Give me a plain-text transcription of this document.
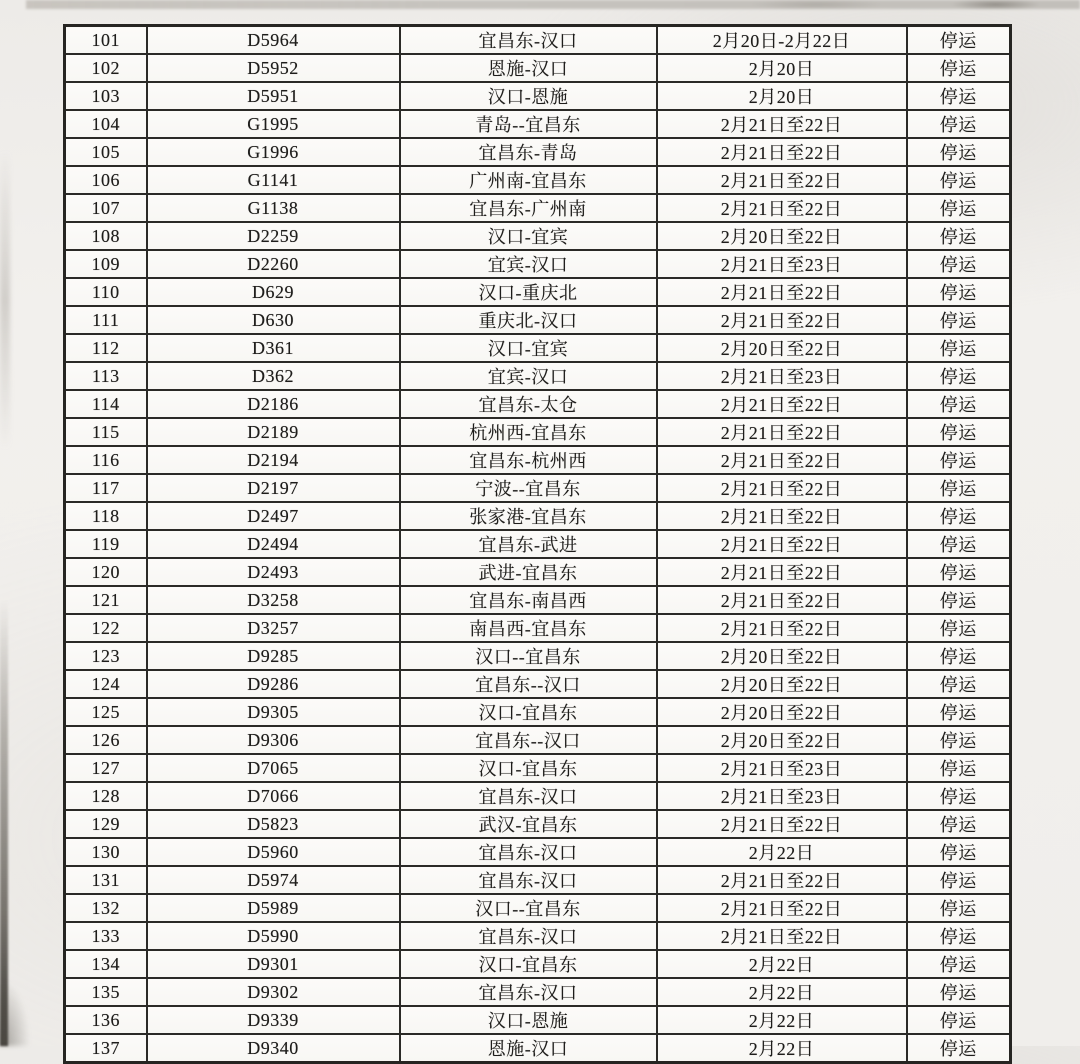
101	D5964	宜昌东-汉口	2月20日-2月22日	停运
102	D5952	恩施-汉口	2月20日	停运
103	D5951	汉口-恩施	2月20日	停运
104	G1995	青岛--宜昌东	2月21日至22日	停运
105	G1996	宜昌东-青岛	2月21日至22日	停运
106	G1141	广州南-宜昌东	2月21日至22日	停运
107	G1138	宜昌东-广州南	2月21日至22日	停运
108	D2259	汉口-宜宾	2月20日至22日	停运
109	D2260	宜宾-汉口	2月21日至23日	停运
110	D629	汉口-重庆北	2月21日至22日	停运
111	D630	重庆北-汉口	2月21日至22日	停运
112	D361	汉口-宜宾	2月20日至22日	停运
113	D362	宜宾-汉口	2月21日至23日	停运
114	D2186	宜昌东-太仓	2月21日至22日	停运
115	D2189	杭州西-宜昌东	2月21日至22日	停运
116	D2194	宜昌东-杭州西	2月21日至22日	停运
117	D2197	宁波--宜昌东	2月21日至22日	停运
118	D2497	张家港-宜昌东	2月21日至22日	停运
119	D2494	宜昌东-武进	2月21日至22日	停运
120	D2493	武进-宜昌东	2月21日至22日	停运
121	D3258	宜昌东-南昌西	2月21日至22日	停运
122	D3257	南昌西-宜昌东	2月21日至22日	停运
123	D9285	汉口--宜昌东	2月20日至22日	停运
124	D9286	宜昌东--汉口	2月20日至22日	停运
125	D9305	汉口-宜昌东	2月20日至22日	停运
126	D9306	宜昌东--汉口	2月20日至22日	停运
127	D7065	汉口-宜昌东	2月21日至23日	停运
128	D7066	宜昌东-汉口	2月21日至23日	停运
129	D5823	武汉-宜昌东	2月21日至22日	停运
130	D5960	宜昌东-汉口	2月22日	停运
131	D5974	宜昌东-汉口	2月21日至22日	停运
132	D5989	汉口--宜昌东	2月21日至22日	停运
133	D5990	宜昌东-汉口	2月21日至22日	停运
134	D9301	汉口-宜昌东	2月22日	停运
135	D9302	宜昌东-汉口	2月22日	停运
136	D9339	汉口-恩施	2月22日	停运
137	D9340	恩施-汉口	2月22日	停运
